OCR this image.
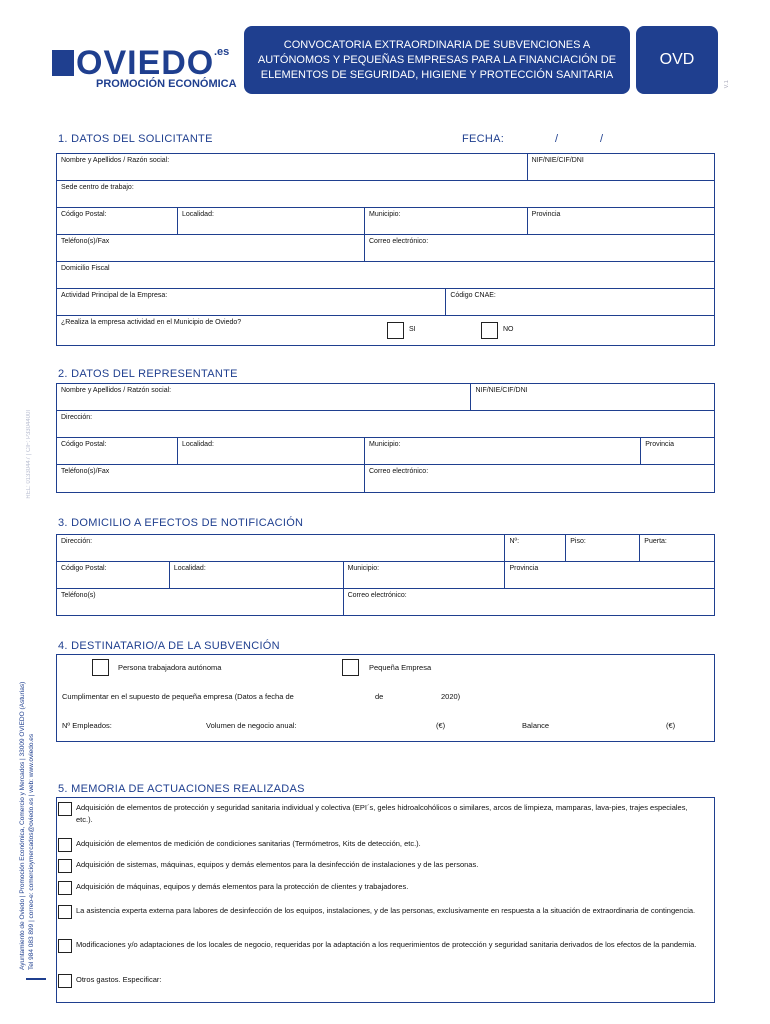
OVIEDO .es
PROMOCIÓN ECONÓMICA
CONVOCATORIA EXTRAORDINARIA DE SUBVENCIONES A AUTÓNOMOS Y PEQUEÑAS EMPRESAS PARA LA FINANCIACIÓN DE ELEMENTOS DE SEGURIDAD, HIGIENE Y PROTECCIÓN SANITARIA
OVD
V.1
REL: 01330447 | CIF: P3304400I
Ayuntamiento de Oviedo | Promoción Económica, Comercio y Mercados | 33009 OVIEDO (Asturias) Tel 984 083 899 | correo-e: comercioymercados@oviedo.es | web: www.oviedo.es
1. DATOS DEL SOLICITANTE	FECHA:	/	/
Nombre y Apellidos / Razón social:				NIF/NIE/CIF/DNI
Sede centro de trabajo:				
Código Postal:	Localidad:	Municipio:		Provincia
Teléfono(s)/Fax		Correo electrónico:		
Domicilio Fiscal				
Actividad Principal de la Empresa:			Código CNAE:	
¿Realiza la empresa actividad en el Municipio de Oviedo?
SI NO				
2. DATOS DEL REPRESENTANTE
Nombre y Apellidos / Ratzón social:			NIF/NIE/CIF/DNI	
Dirección:				
Código Postal:	Localidad:	Municipio:		Provincia
Teléfono(s)/Fax		Correo electrónico:		
3. DOMICILIO A EFECTOS DE NOTIFICACIÓN
Dirección:			Nº:	Piso:	Puerta:
Código Postal:	Localidad:	Municipio:	Provincia		
Teléfono(s)		Correo electrónico:			
4. DESTINATARIO/A DE LA SUBVENCIÓN
Persona trabajadora autónoma	Pequeña Empresa
Cumplimentar en el supuesto de pequeña empresa (Datos a fecha de	de	2020)
Nº Empleados:	Volumen de negocio anual:	(€)	Balance	(€)
5. MEMORIA DE ACTUACIONES REALIZADAS
Adquisición de elementos de protección y seguridad sanitaria individual y colectiva (EPI´s, geles hidroalcohólicos o similares, arcos de limpieza, mamparas, lava-pies, trajes especiales, etc.).
Adquisición de elementos de medición de condiciones sanitarias (Termómetros, Kits de detección, etc.).
Adquisición de sistemas, máquinas, equipos y demás elementos para la desinfección de instalaciones y de las personas.
Adquisición de máquinas, equipos y demás elementos para la protección de clientes y trabajadores.
La asistencia experta externa para labores de desinfección de los equipos, instalaciones, y de las personas, exclusivamente en respuesta a la situación de extraordinaria de contingencia.
Modificaciones y/o adaptaciones de los locales de negocio, requeridas por la adaptación a los requerimientos de protección y seguridad sanitaria derivados de los efectos de la pandemia.
Otros gastos. Especificar:
